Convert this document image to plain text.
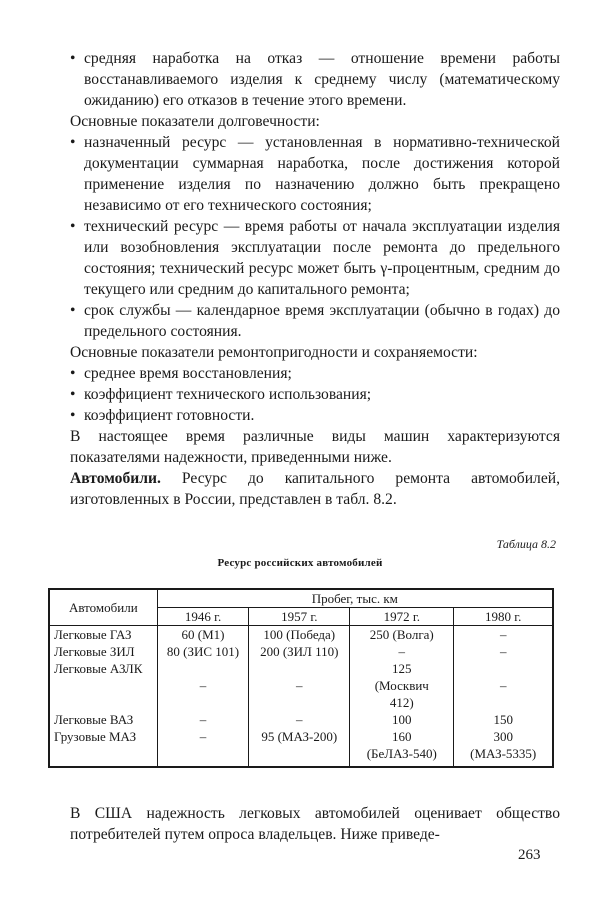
• средняя наработка на отказ — отношение времени работы восстанавливаемого изделия к среднему числу (математическому ожиданию) его отказов в течение этого времени.

Основные показатели долговечности:

• назначенный ресурс — установленная в нормативно-технической документации суммарная наработка, после достижения которой применение изделия по назначению должно быть прекращено независимо от его технического состояния;

• технический ресурс — время работы от начала эксплуатации изделия или возобновления эксплуатации после ремонта до предельного состояния; технический ресурс может быть γ-процентным, средним до текущего или средним до капитального ремонта;

• срок службы — календарное время эксплуатации (обычно в годах) до предельного состояния.

Основные показатели ремонтопригодности и сохраняемости:

• среднее время восстановления;

• коэффициент технического использования;

• коэффициент готовности.

В настоящее время различные виды машин характеризуются показателями надежности, приведенными ниже.

Автомобили. Ресурс до капитального ремонта автомобилей, изготовленных в России, представлен в табл. 8.2.

Таблица 8.2
Ресурс российских автомобилей
Автомобили	Пробег, тыс. км			
	1946 г.	1957 г.	1972 г.	1980 г.
Легковые ГАЗ	60 (М1)	100 (Победа)	250 (Волга)	–
Легковые ЗИЛ	80 (ЗИС 101)	200 (ЗИЛ 110)	–	–
Легковые АЗЛК	–	–	125 (Москвич 412)	–
Легковые ВАЗ	–	–	100	150
Грузовые МАЗ	–	95 (МАЗ-200)	160 (БеЛАЗ-540)	300 (МАЗ-5335)

В США надежность легковых автомобилей оценивает общество потребителей путем опроса владельцев. Ниже приведе-

263
